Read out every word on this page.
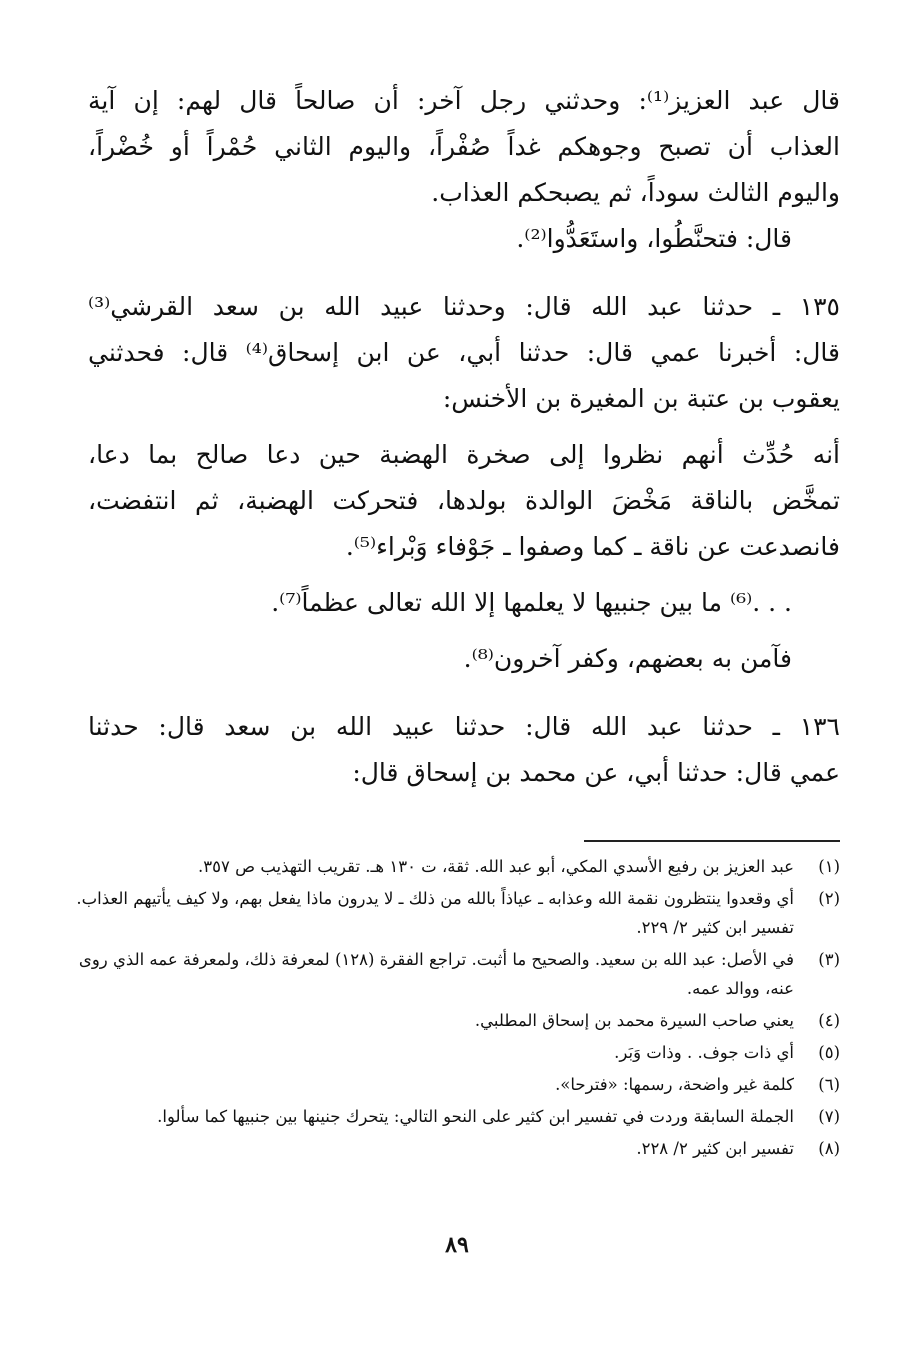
قال عبد العزيز⁽¹⁾: وحدثني رجل آخر: أن صالحاً قال لهم: إن آية

العذاب أن تصبح وجوهكم غداً صُفْراً، واليوم الثاني حُمْراً أو خُضْراً،

واليوم الثالث سوداً، ثم يصبحكم العذاب.

قال: فتحنَّطُوا، واستَعَدُّوا⁽²⁾.

١٣٥ ـ حدثنا عبد الله قال: وحدثنا عبيد الله بن سعد القرشي⁽³⁾

قال: أخبرنا عمي قال: حدثنا أبي، عن ابن إسحاق⁽⁴⁾ قال: فحدثني

يعقوب بن عتبة بن المغيرة بن الأخنس:

أنه حُدِّث أنهم نظروا إلى صخرة الهضبة حين دعا صالح بما دعا،

تمخَّض بالناقة مَخْضَ الوالدة بولدها، فتحركت الهضبة، ثم انتفضت،

فانصدعت عن ناقة ـ كما وصفوا ـ جَوْفاء وَبْراء⁽⁵⁾.

. . .⁽⁶⁾ ما بين جنبيها لا يعلمها إلا الله تعالى عظماً⁽⁷⁾.

فآمن به بعضهم، وكفر آخرون⁽⁸⁾.

١٣٦ ـ حدثنا عبد الله قال: حدثنا عبيد الله بن سعد قال: حدثنا

عمي قال: حدثنا أبي، عن محمد بن إسحاق قال:

(١)
عبد العزيز بن رفيع الأسدي المكي، أبو عبد الله. ثقة، ت ١٣٠ هـ. تقريب التهذيب ص ٣٥٧.
(٢)
أي وقعدوا ينتظرون نقمة الله وعذابه ـ عياذاً بالله من ذلك ـ لا يدرون ماذا يفعل بهم، ولا كيف يأتيهم العذاب. تفسير ابن كثير ٢/ ٢٢٩.
(٣)
في الأصل: عبد الله بن سعيد. والصحيح ما أثبت. تراجع الفقرة (١٢٨) لمعرفة ذلك، ولمعرفة عمه الذي روى عنه، ووالد عمه.
(٤)
يعني صاحب السيرة محمد بن إسحاق المطلبي.
(٥)
أي ذات جوف. . وذات وَبَر.
(٦)
كلمة غير واضحة، رسمها: «فترحا».
(٧)
الجملة السابقة وردت في تفسير ابن كثير على النحو التالي: يتحرك جنينها بين جنبيها كما سألوا.
(٨)
تفسير ابن كثير ٢/ ٢٢٨.
٨٩
